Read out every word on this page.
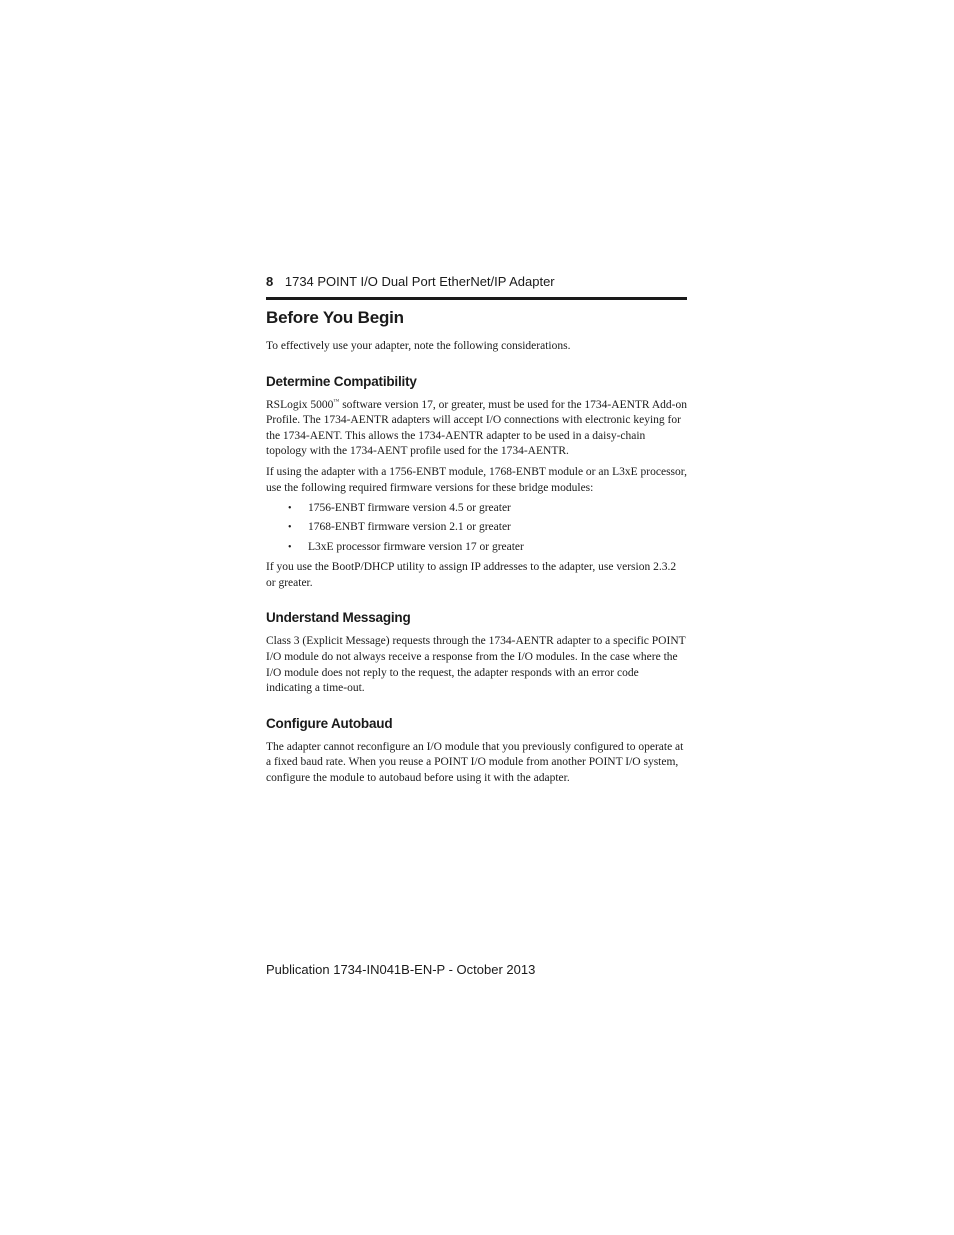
8 1734 POINT I/O Dual Port EtherNet/IP Adapter
Before You Begin

To effectively use your adapter, note the following considerations.

Determine Compatibility

RSLogix 5000™ software version 17, or greater, must be used for the 1734-AENTR Add-on Profile. The 1734-AENTR adapters will accept I/O connections with electronic keying for the 1734-AENT. This allows the 1734-AENTR adapter to be used in a daisy-chain topology with the 1734-AENT profile used for the 1734-AENTR.

If using the adapter with a 1756-ENBT module, 1768-ENBT module or an L3xE processor, use the following required firmware versions for these bridge modules:

• 1756-ENBT firmware version 4.5 or greater
• 1768-ENBT firmware version 2.1 or greater
• L3xE processor firmware version 17 or greater

If you use the BootP/DHCP utility to assign IP addresses to the adapter, use version 2.3.2 or greater.

Understand Messaging

Class 3 (Explicit Message) requests through the 1734-AENTR adapter to a specific POINT I/O module do not always receive a response from the I/O modules. In the case where the I/O module does not reply to the request, the adapter responds with an error code indicating a time-out.

Configure Autobaud

The adapter cannot reconfigure an I/O module that you previously configured to operate at a fixed baud rate. When you reuse a POINT I/O module from another POINT I/O system, configure the module to autobaud before using it with the adapter.

Publication 1734-IN041B-EN-P - October 2013
